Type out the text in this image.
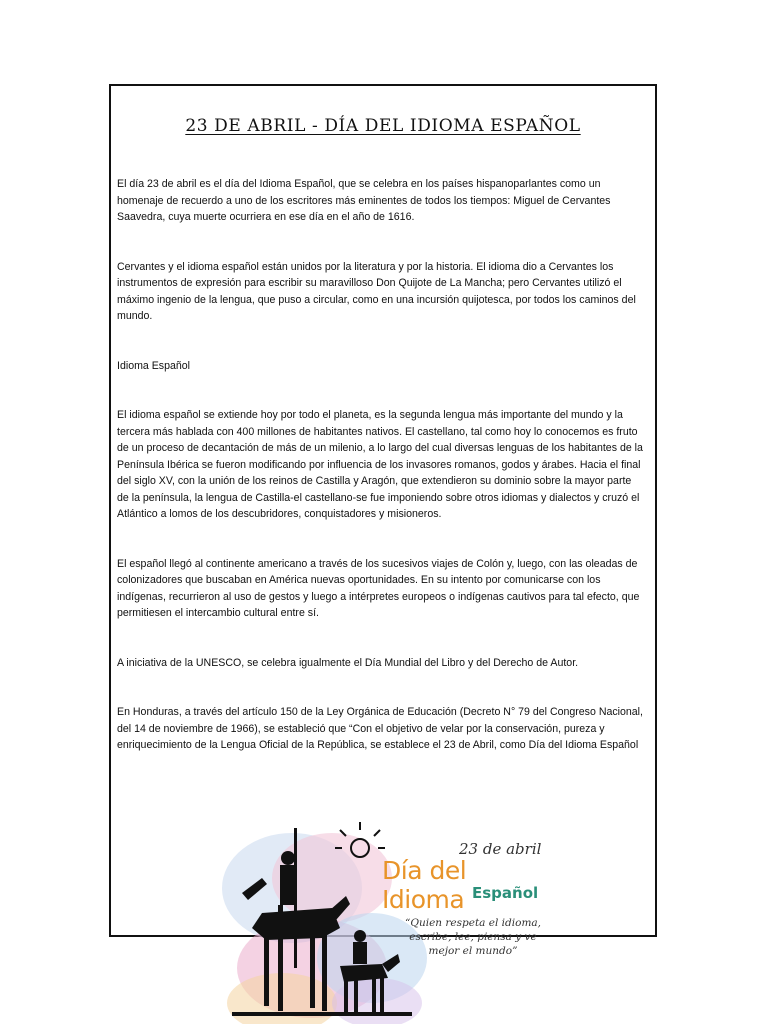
23 DE ABRIL - DÍA DEL IDIOMA ESPAÑOL

El día 23 de abril es el día del Idioma Español, que se celebra en los países hispanoparlantes como un homenaje de recuerdo a uno de los escritores más eminentes de todos los tiempos: Miguel de Cervantes Saavedra, cuya muerte ocurriera en ese día en el año de 1616.

Cervantes y el idioma español están unidos por la literatura y por la historia. El idioma dio a Cervantes los instrumentos de expresión para escribir su maravilloso Don Quijote de La Mancha; pero Cervantes utilizó el máximo ingenio de la lengua, que puso a circular, como en una incursión quijotesca, por todos los caminos del mundo.

Idioma Español

El idioma español se extiende hoy por todo el planeta, es la segunda lengua más importante del mundo y la tercera más hablada con 400 millones de habitantes nativos. El castellano, tal como hoy lo conocemos es fruto de un proceso de decantación de más de un milenio, a lo largo del cual diversas lenguas de los habitantes de la Península Ibérica se fueron modificando por influencia de los invasores romanos, godos y árabes. Hacia el final del siglo XV, con la unión de los reinos de Castilla y Aragón, que extendieron su dominio sobre la mayor parte de la península, la lengua de Castilla-el castellano-se fue imponiendo sobre otros idiomas y dialectos y cruzó el Atlántico a lomos de los descubridores, conquistadores y misioneros.

El español llegó al continente americano a través de los sucesivos viajes de Colón y, luego, con las oleadas de colonizadores que buscaban en América nuevas oportunidades. En su intento por comunicarse con los indígenas, recurrieron al uso de gestos y luego a intérpretes europeos o indígenas cautivos para tal efecto, que permitiesen el intercambio cultural entre sí.

A iniciativa de la UNESCO, se celebra igualmente el Día Mundial del Libro y del Derecho de Autor.

En Honduras, a través del artículo 150 de la Ley Orgánica de Educación (Decreto N° 79 del Congreso Nacional, del 14 de noviembre de 1966), se estableció que “Con el objetivo de velar por la conservación, pureza y enriquecimiento de la Lengua Oficial de la República, se establece el 23 de Abril, como Día del Idioma Español

23 de abril
Día del Idioma Español
“Quien respeta el idioma, escribe, lee, piensa y ve mejor el mundo”
